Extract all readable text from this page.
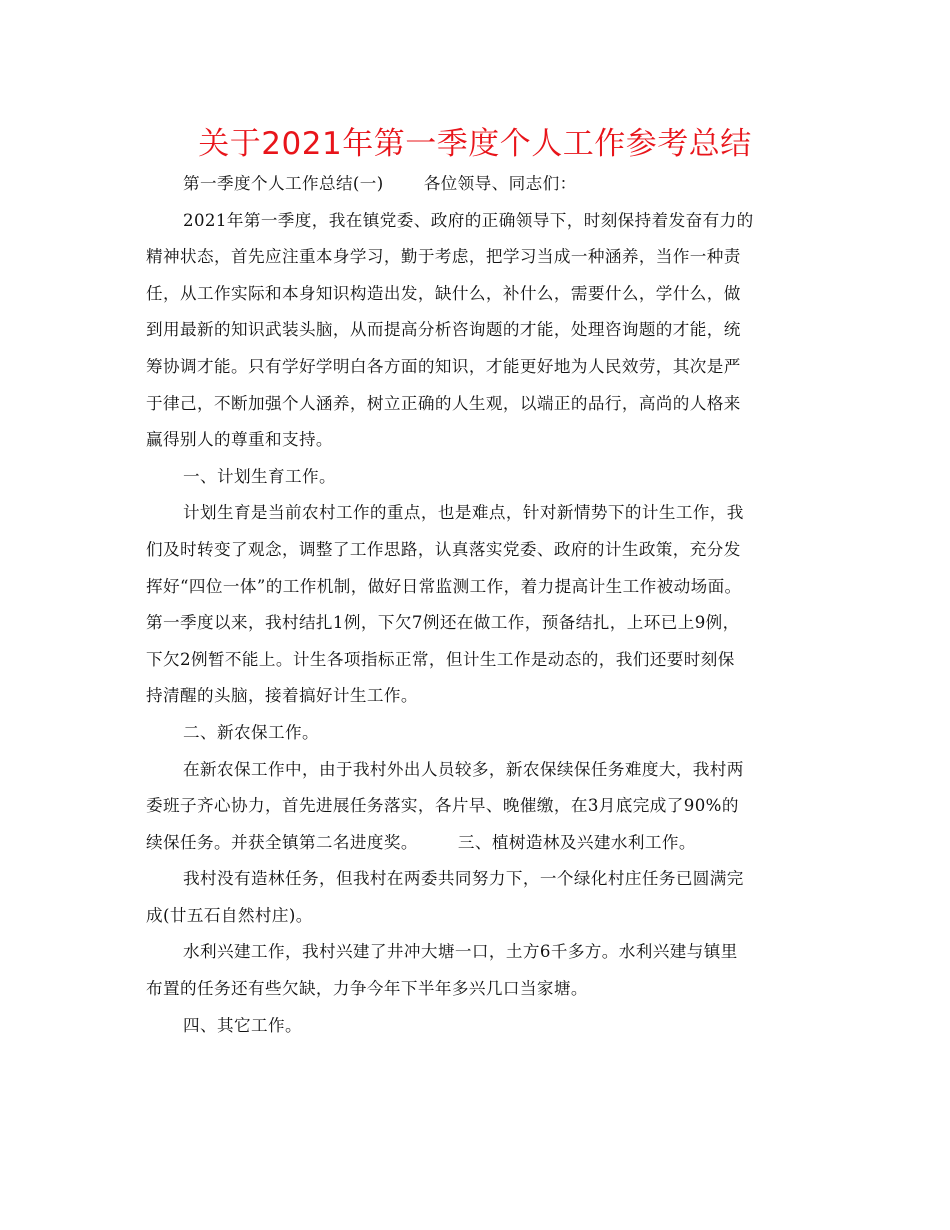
关于2021年第一季度个人工作参考总结

第一季度个人工作总结(一) 各位领导、同志们：

2021年第一季度，我在镇党委、政府的正确领导下，时刻保持着发奋有力的

精神状态，首先应注重本身学习，勤于考虑，把学习当成一种涵养，当作一种责

任，从工作实际和本身知识构造出发，缺什么，补什么，需要什么，学什么，做

到用最新的知识武装头脑，从而提高分析咨询题的才能，处理咨询题的才能，统

筹协调才能。只有学好学明白各方面的知识，才能更好地为人民效劳，其次是严

于律己，不断加强个人涵养，树立正确的人生观，以端正的品行，高尚的人格来

赢得别人的尊重和支持。

一、计划生育工作。

计划生育是当前农村工作的重点，也是难点，针对新情势下的计生工作，我

们及时转变了观念，调整了工作思路，认真落实党委、政府的计生政策，充分发

挥好“四位一体”的工作机制，做好日常监测工作，着力提高计生工作被动场面。

第一季度以来，我村结扎1例，下欠7例还在做工作，预备结扎，上环已上9例，

下欠2例暂不能上。计生各项指标正常，但计生工作是动态的，我们还要时刻保

持清醒的头脑，接着搞好计生工作。

二、新农保工作。

在新农保工作中，由于我村外出人员较多，新农保续保任务难度大，我村两

委班子齐心协力，首先进展任务落实，各片早、晚催缴，在3月底完成了90%的

续保任务。并获全镇第二名进度奖。 三、植树造林及兴建水利工作。

我村没有造林任务，但我村在两委共同努力下，一个绿化村庄任务已圆满完

成(廿五石自然村庄)。

水利兴建工作，我村兴建了井冲大塘一口，土方6千多方。水利兴建与镇里

布置的任务还有些欠缺，力争今年下半年多兴几口当家塘。

四、其它工作。
